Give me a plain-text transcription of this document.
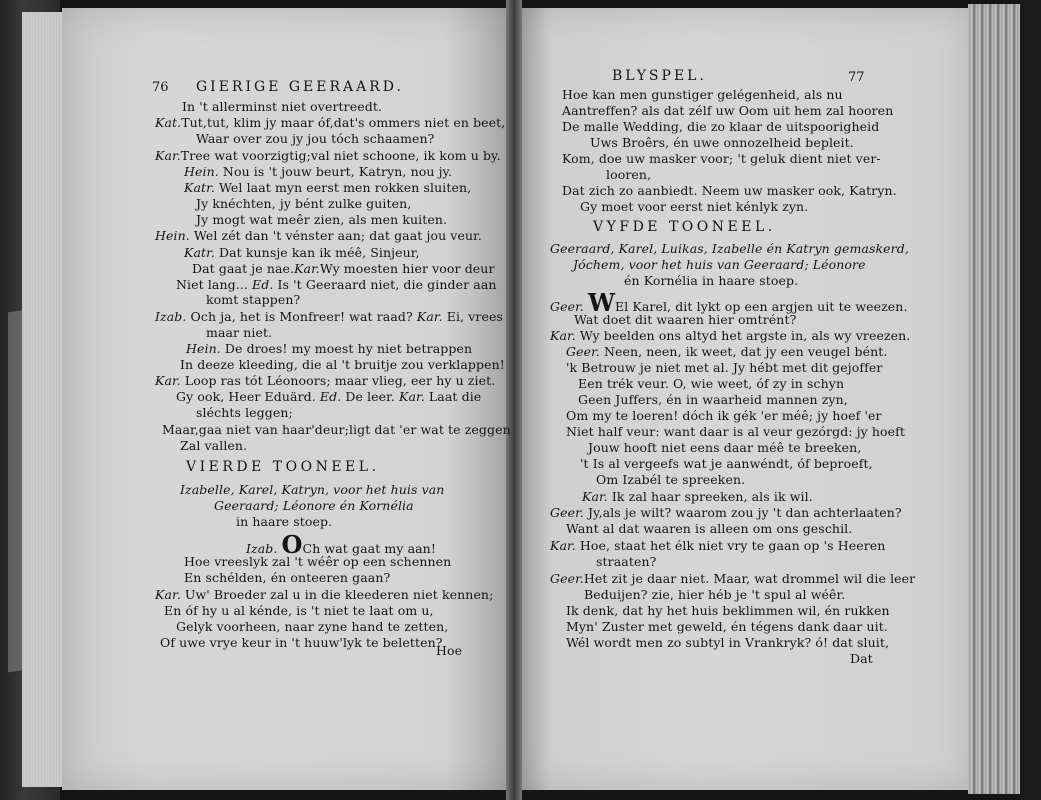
76 GIERIGE GEERAARD.
In 't allerminst niet overtreedt.
Kat.Tut,tut, klim jy maar óf,dat's ommers niet en beet,
Waar over zou jy jou tóch schaamen?
Kar.Tree wat voorzigtig;val niet schoone, ik kom u by.
Hein. Nou is 't jouw beurt, Katryn, nou jy.
Katr. Wel laat myn eerst men rokken sluiten,
Jy knéchten, jy bént zulke guiten,
Jy mogt wat meêr zien, als men kuiten.
Hein. Wel zét dan 't vénster aan; dat gaat jou veur.
Katr. Dat kunsje kan ik méê, Sinjeur,
Dat gaat je nae.Kar.Wy moesten hier voor deur
Niet lang... Ed. Is 't Geeraard niet, die ginder aan
komt stappen?
Izab. Och ja, het is Monfreer! wat raad? Kar. Ei, vrees
maar niet.
Hein. De droes! my moest hy niet betrappen
In deeze kleeding, die al 't bruitje zou verklappen!
Kar. Loop ras tót Léonoors; maar vlieg, eer hy u ziet.
Gy ook, Heer Eduärd. Ed. De leer. Kar. Laat die
sléchts leggen;
Maar,gaa niet van haar'deur;ligt dat 'er wat te zeggen
Zal vallen.
VIERDE TOONEEL.
Izabelle, Karel, Katryn, voor het huis van
Geeraard; Léonore én Kornélia
in haare stoep.
Izab. OCh wat gaat my aan!
Hoe vreeslyk zal 't wéêr op een schennen
En schélden, én onteeren gaan?
Kar. Uw' Broeder zal u in die kleederen niet kennen;
En óf hy u al kénde, is 't niet te laat om u,
Gelyk voorheen, naar zyne hand te zetten,
Of uwe vrye keur in 't huuw'lyk te beletten?
Hoe
BLYSPEL.	77
Hoe kan men gunstiger gelégenheid, als nu
Aantreffen? als dat zélf uw Oom uit hem zal hooren
De malle Wedding, die zo klaar de uitspoorigheid
Uws Broêrs, én uwe onnozelheid bepleit.
Kom, doe uw masker voor; 't geluk dient niet ver-
looren,
Dat zich zo aanbiedt. Neem uw masker ook, Katryn.
Gy moet voor eerst niet kénlyk zyn.
VYFDE TOONEEL.
Geeraard, Karel, Luikas, Izabelle én Katryn gemaskerd,
Jóchem, voor het huis van Geeraard; Léonore
én Kornélia in haare stoep.
Geer. WEl Karel, dit lykt op een argjen uit te weezen.
Wat doet dit waaren hier omtrént?
Kar. Wy beelden ons altyd het argste in, als wy vreezen.
Geer. Neen, neen, ik weet, dat jy een veugel bént.
'k Betrouw je niet met al. Jy hébt met dit gejoffer
Een trék veur. O, wie weet, óf zy in schyn
Geen Juffers, én in waarheid mannen zyn,
Om my te loeren! dóch ik gék 'er méê; jy hoef 'er
Niet half veur: want daar is al veur gezórgd: jy hoeft
Jouw hooft niet eens daar méê te breeken,
't Is al vergeefs wat je aanwéndt, óf beproeft,
Om Izabél te spreeken.
Kar. Ik zal haar spreeken, als ik wil.
Geer. Jy,als je wilt? waarom zou jy 't dan achterlaaten?
Want al dat waaren is alleen om ons geschil.
Kar. Hoe, staat het élk niet vry te gaan op 's Heeren
straaten?
Geer.Het zit je daar niet. Maar, wat drommel wil die leer
Beduijen? zie, hier héb je 't spul al wéêr.
Ik denk, dat hy het huis beklimmen wil, én rukken
Myn' Zuster met geweld, én tégens dank daar uit.
Wél wordt men zo subtyl in Vrankryk? ó! dat sluit,
Dat
